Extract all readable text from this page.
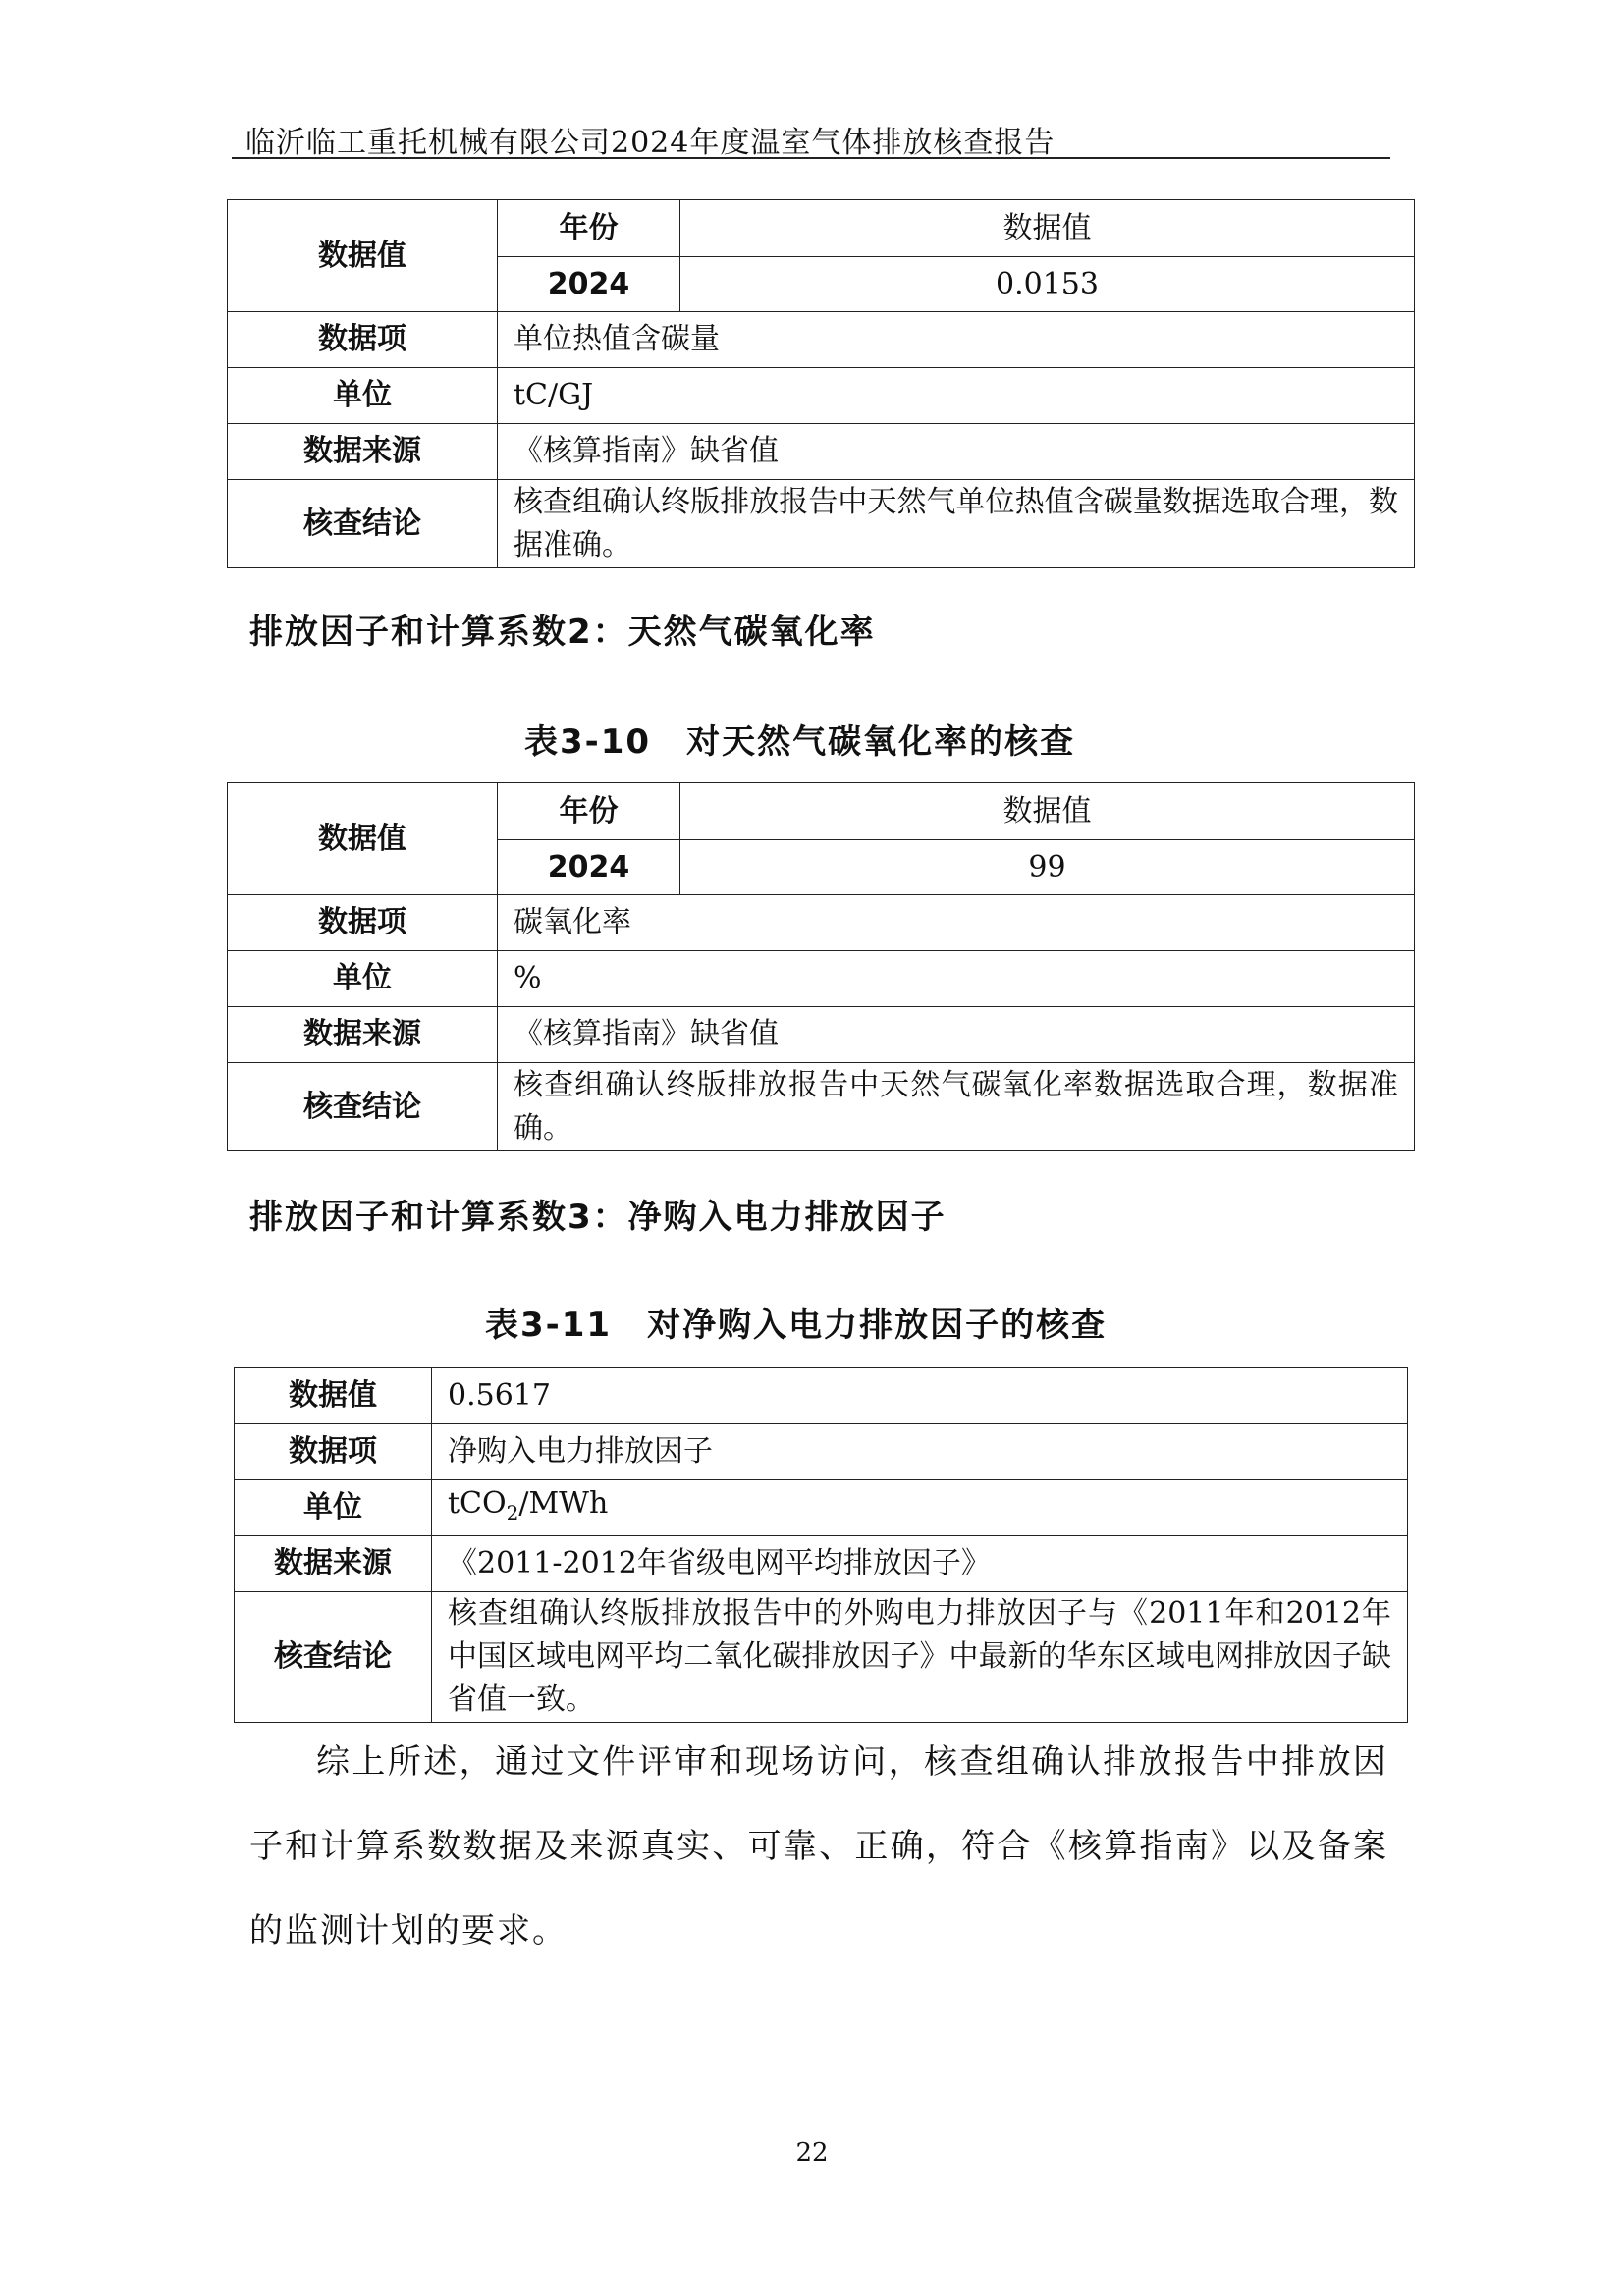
临沂临工重托机械有限公司2024年度温室气体排放核查报告
数据值	年份	数据值
	2024	0.0153
数据项	单位热值含碳量	
单位	tC/GJ	
数据来源	《核算指南》缺省值	
核查结论	核查组确认终版排放报告中天然气单位热值含碳量数据选取合理，数据准确。	
排放因子和计算系数2：天然气碳氧化率
表3-10　对天然气碳氧化率的核查
数据值	年份	数据值
	2024	99
数据项	碳氧化率	
单位	%	
数据来源	《核算指南》缺省值	
核查结论	核查组确认终版排放报告中天然气碳氧化率数据选取合理，数据准确。	
排放因子和计算系数3：净购入电力排放因子
表3-11　对净购入电力排放因子的核查
数据值	0.5617
数据项	净购入电力排放因子
单位	tCO$_2$/MWh
数据来源	《2011-2012年省级电网平均排放因子》
核查结论	核查组确认终版排放报告中的外购电力排放因子与《2011年和2012年中国区域电网平均二氧化碳排放因子》中最新的华东区域电网排放因子缺省值一致。
综上所述，通过文件评审和现场访问，核查组确认排放报告中排放因子和计算系数数据及来源真实、可靠、正确，符合《核算指南》以及备案的监测计划的要求。
22
